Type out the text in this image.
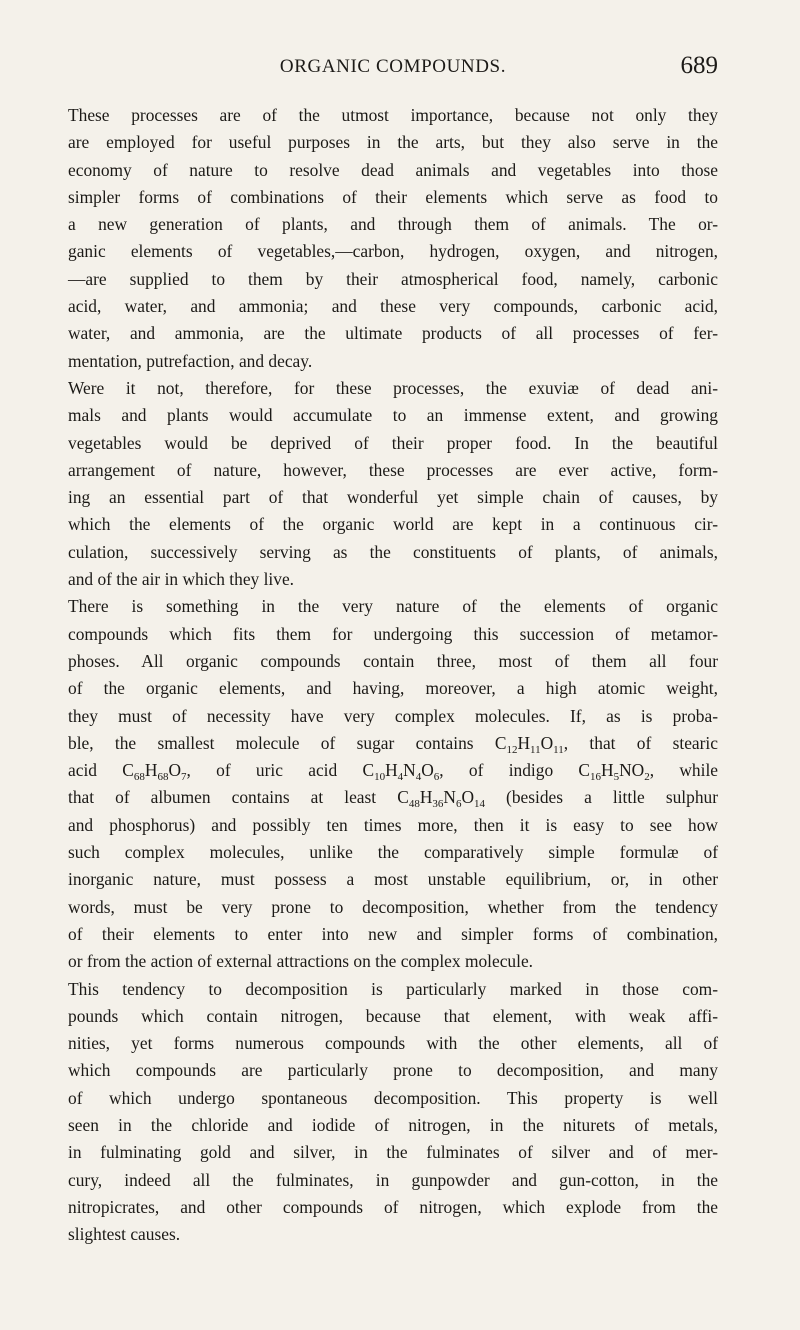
ORGANIC COMPOUNDS.	689

These processes are of the utmost importance, because not only they
are employed for useful purposes in the arts, but they also serve in the
economy of nature to resolve dead animals and vegetables into those
simpler forms of combinations of their elements which serve as food to
a new generation of plants, and through them of animals. The or-
ganic elements of vegetables,—carbon, hydrogen, oxygen, and nitrogen,
—are supplied to them by their atmospherical food, namely, carbonic
acid, water, and ammonia; and these very compounds, carbonic acid,
water, and ammonia, are the ultimate products of all processes of fer-
mentation, putrefaction, and decay.

Were it not, therefore, for these processes, the exuviæ of dead ani-
mals and plants would accumulate to an immense extent, and growing
vegetables would be deprived of their proper food. In the beautiful
arrangement of nature, however, these processes are ever active, form-
ing an essential part of that wonderful yet simple chain of causes, by
which the elements of the organic world are kept in a continuous cir-
culation, successively serving as the constituents of plants, of animals,
and of the air in which they live.

There is something in the very nature of the elements of organic
compounds which fits them for undergoing this succession of metamor-
phoses. All organic compounds contain three, most of them all four
of the organic elements, and having, moreover, a high atomic weight,
they must of necessity have very complex molecules. If, as is proba-
ble, the smallest molecule of sugar contains $C_{12}H_{11}O_{11}$, that of stearic
acid $C_{68}H_{68}O_7$, of uric acid $C_{10}H_4N_4O_6$, of indigo $C_{16}H_5NO_2$, while
that of albumen contains at least $C_{48}H_{36}N_6O_{14}$ (besides a little sulphur
and phosphorus) and possibly ten times more, then it is easy to see how
such complex molecules, unlike the comparatively simple formulæ of
inorganic nature, must possess a most unstable equilibrium, or, in other
words, must be very prone to decomposition, whether from the tendency
of their elements to enter into new and simpler forms of combination,
or from the action of external attractions on the complex molecule.

This tendency to decomposition is particularly marked in those com-
pounds which contain nitrogen, because that element, with weak affi-
nities, yet forms numerous compounds with the other elements, all of
which compounds are particularly prone to decomposition, and many
of which undergo spontaneous decomposition. This property is well
seen in the chloride and iodide of nitrogen, in the niturets of metals,
in fulminating gold and silver, in the fulminates of silver and of mer-
cury, indeed all the fulminates, in gunpowder and gun-cotton, in the
nitropicrates, and other compounds of nitrogen, which explode from the
slightest causes.
